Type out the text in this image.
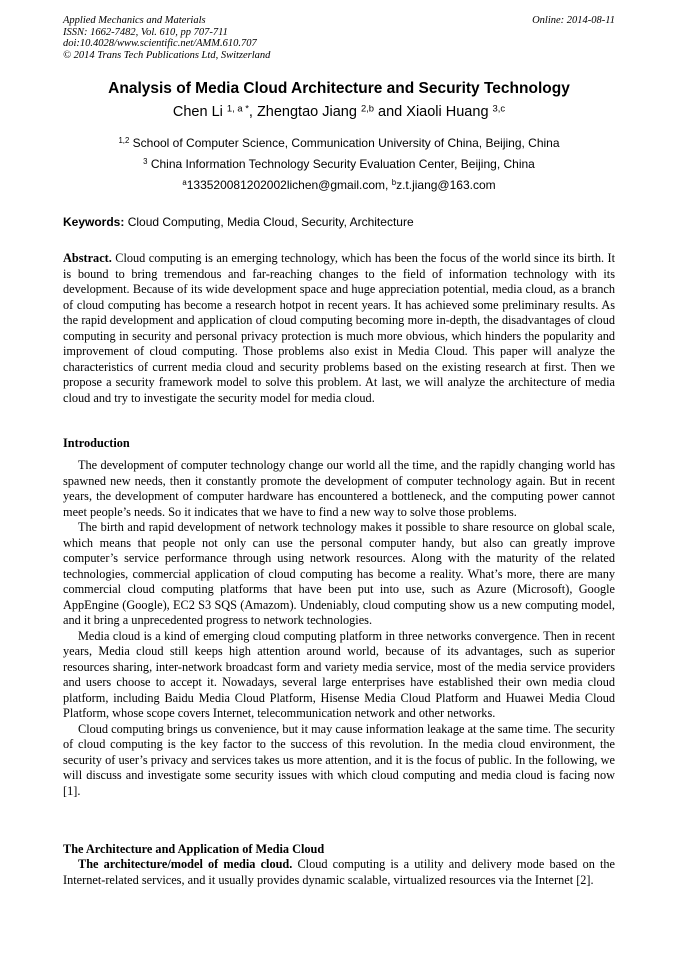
Applied Mechanics and Materials
ISSN: 1662-7482, Vol. 610, pp 707-711
doi:10.4028/www.scientific.net/AMM.610.707
© 2014 Trans Tech Publications Ltd, Switzerland
Online: 2014-08-11
Analysis of Media Cloud Architecture and Security Technology
Chen Li $^{1, a *}$, Zhengtao Jiang $^{2,b}$ and Xiaoli Huang $^{3,c}$
$^{1,2}$ School of Computer Science, Communication University of China, Beijing, China
$^3$ China Information Technology Security Evaluation Center, Beijing, China
$^a$133520081202002lichen@gmail.com, $^b$z.t.jiang@163.com
Keywords: Cloud Computing, Media Cloud, Security, Architecture

Abstract. Cloud computing is an emerging technology, which has been the focus of the world since its birth. It is bound to bring tremendous and far-reaching changes to the field of information technology with its development. Because of its wide development space and huge appreciation potential, media cloud, as a branch of cloud computing has become a research hotpot in recent years. It has achieved some preliminary results. As the rapid development and application of cloud computing becoming more in-depth, the disadvantages of cloud computing in security and personal privacy protection is much more obvious, which hinders the popularity and improvement of cloud computing. Those problems also exist in Media Cloud. This paper will analyze the characteristics of current media cloud and security problems based on the existing research at first. Then we propose a security framework model to solve this problem. At last, we will analyze the architecture of media cloud and try to investigate the security model for media cloud.

Introduction

The development of computer technology change our world all the time, and the rapidly changing world has spawned new needs, then it constantly promote the development of computer technology again. But in recent years, the development of computer hardware has encountered a bottleneck, and the computing power cannot meet people’s needs. So it indicates that we have to find a new way to solve those problems.

The birth and rapid development of network technology makes it possible to share resource on global scale, which means that people not only can use the personal computer handy, but also can greatly improve computer’s service performance through using network resources. Along with the maturity of the related technologies, commercial application of cloud computing has become a reality. What’s more, there are many commercial cloud computing platforms that have been put into use, such as Azure (Microsoft), Google AppEngine (Google), EC2 S3 SQS (Amazom). Undeniably, cloud computing show us a new computing model, and it bring a unprecedented progress to network technologies.

Media cloud is a kind of emerging cloud computing platform in three networks convergence. Then in recent years, Media cloud still keeps high attention around world, because of its advantages, such as superior resources sharing, inter-network broadcast form and variety media service, most of the media service providers and users choose to accept it. Nowadays, several large enterprises have established their own media cloud platform, including Baidu Media Cloud Platform, Hisense Media Cloud Platform and Huawei Media Cloud Platform, whose scope covers Internet, telecommunication network and other networks.

Cloud computing brings us convenience, but it may cause information leakage at the same time. The security of cloud computing is the key factor to the success of this revolution. In the media cloud environment, the security of user’s privacy and services takes us more attention, and it is the focus of public. In the following, we will discuss and investigate some security issues with which cloud computing and media cloud is facing now [1].

The Architecture and Application of Media Cloud

The architecture/model of media cloud. Cloud computing is a utility and delivery mode based on the Internet-related services, and it usually provides dynamic scalable, virtualized resources via the Internet [2].
